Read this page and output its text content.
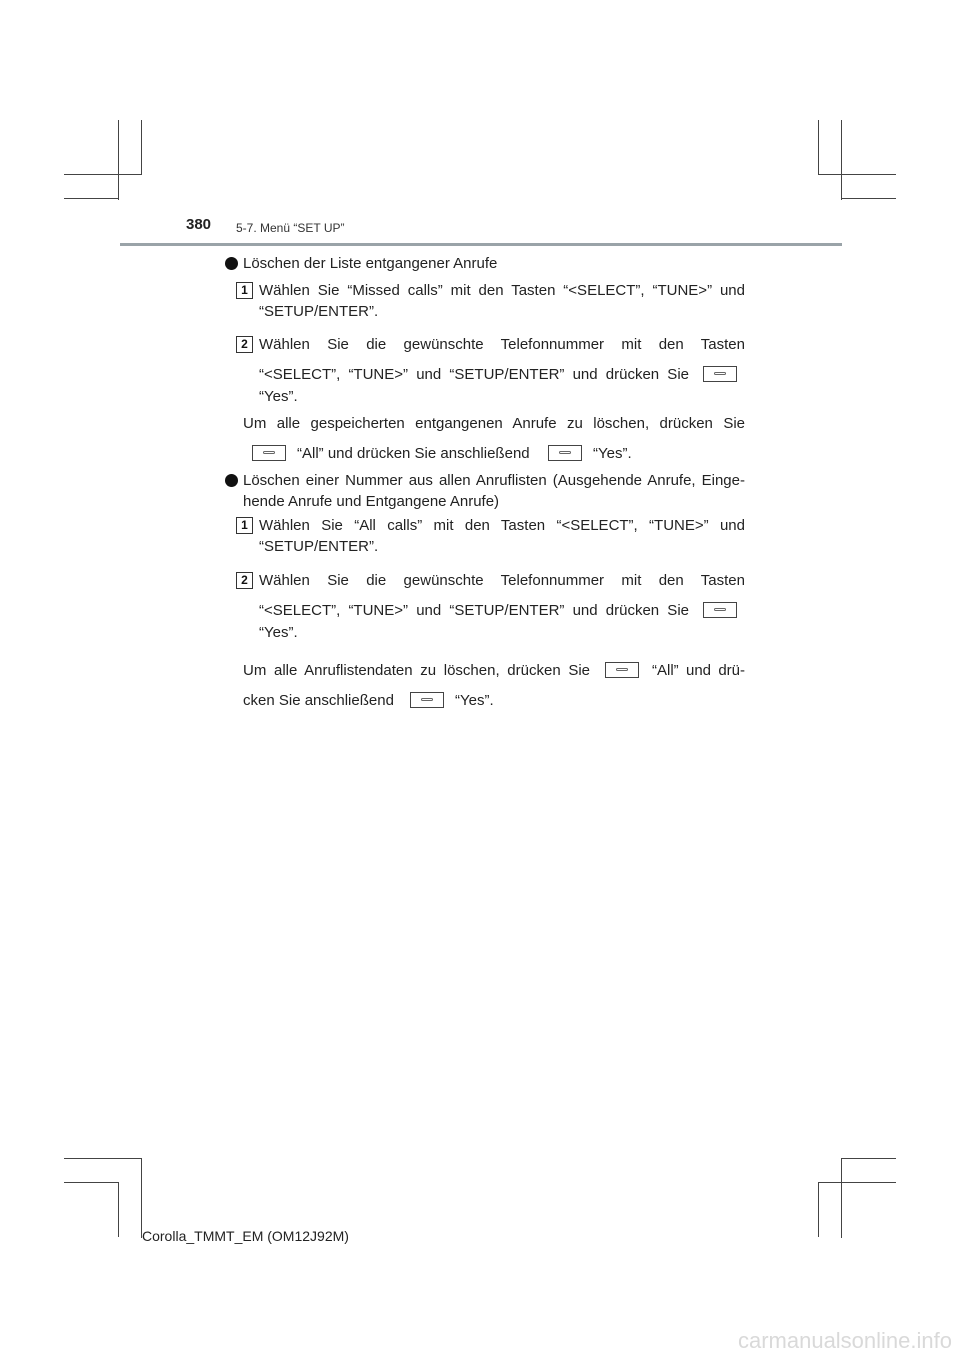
380 5-7. Menü “SET UP”
Löschen der Liste entgangener Anrufe
1 Wählen Sie “Missed calls” mit den Tasten “<SELECT”, “TUNE>” und
“SETUP/ENTER”.
2 Wählen Sie die gewünschte Telefonnummer mit den Tasten
“<SELECT”, “TUNE>” und “SETUP/ENTER” und drücken Sie
“Yes”.
Um alle gespeicherten entgangenen Anrufe zu löschen, drücken Sie
“All” und drücken Sie anschließend	“Yes”.
Löschen einer Nummer aus allen Anruflisten (Ausgehende Anrufe, Einge-
hende Anrufe und Entgangene Anrufe)
1 Wählen Sie “All calls” mit den Tasten “<SELECT”, “TUNE>” und
“SETUP/ENTER”.
2 Wählen Sie die gewünschte Telefonnummer mit den Tasten
“<SELECT”, “TUNE>” und “SETUP/ENTER” und drücken Sie
“Yes”.
Um alle Anruflistendaten zu löschen, drücken Sie	“All” und drü-
cken Sie anschließend	“Yes”.
Corolla_TMMT_EM (OM12J92M)
carmanualsonline.info
